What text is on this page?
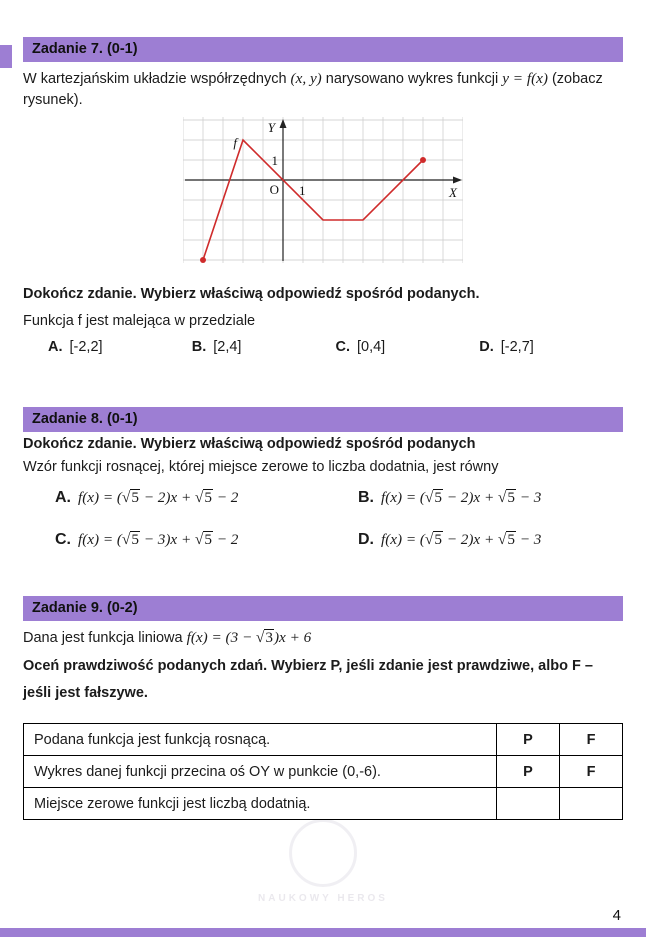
NAUKOWY HEROS
Zadanie 7. (0-1)

W kartezjańskim układzie współrzędnych (x, y) narysowano wykres funkcji y = f(x) (zobacz rysunek).

Y
X
O
1
1
f

Dokończ zdanie. Wybierz właściwą odpowiedź spośród podanych.

Funkcja f jest malejąca w przedziale

A. [-2,2]	B. [2,4]	C. [0,4]	D. [-2,7]
Zadanie 8. (0-1)

Dokończ zdanie. Wybierz właściwą odpowiedź spośród podanych

Wzór funkcji rosnącej, której miejsce zerowe to liczba dodatnia, jest równy

A. f(x) = (√5 − 2)x + √5 − 2	B. f(x) = (√5 − 2)x + √5 − 3
C. f(x) = (√5 − 3)x + √5 − 2	D. f(x) = (√5 − 2)x + √5 − 3
Zadanie 9. (0-2)

Dana jest funkcja liniowa f(x) = (3 − √3)x + 6

Oceń prawdziwość podanych zdań. Wybierz P, jeśli zdanie jest prawdziwe, albo F – jeśli jest fałszywe.

Podana funkcja jest funkcją rosnącą.	P	F
Wykres danej funkcji przecina oś OY w punkcie (0,-6).	P	F
Miejsce zerowe funkcji jest liczbą dodatnią.		
4
